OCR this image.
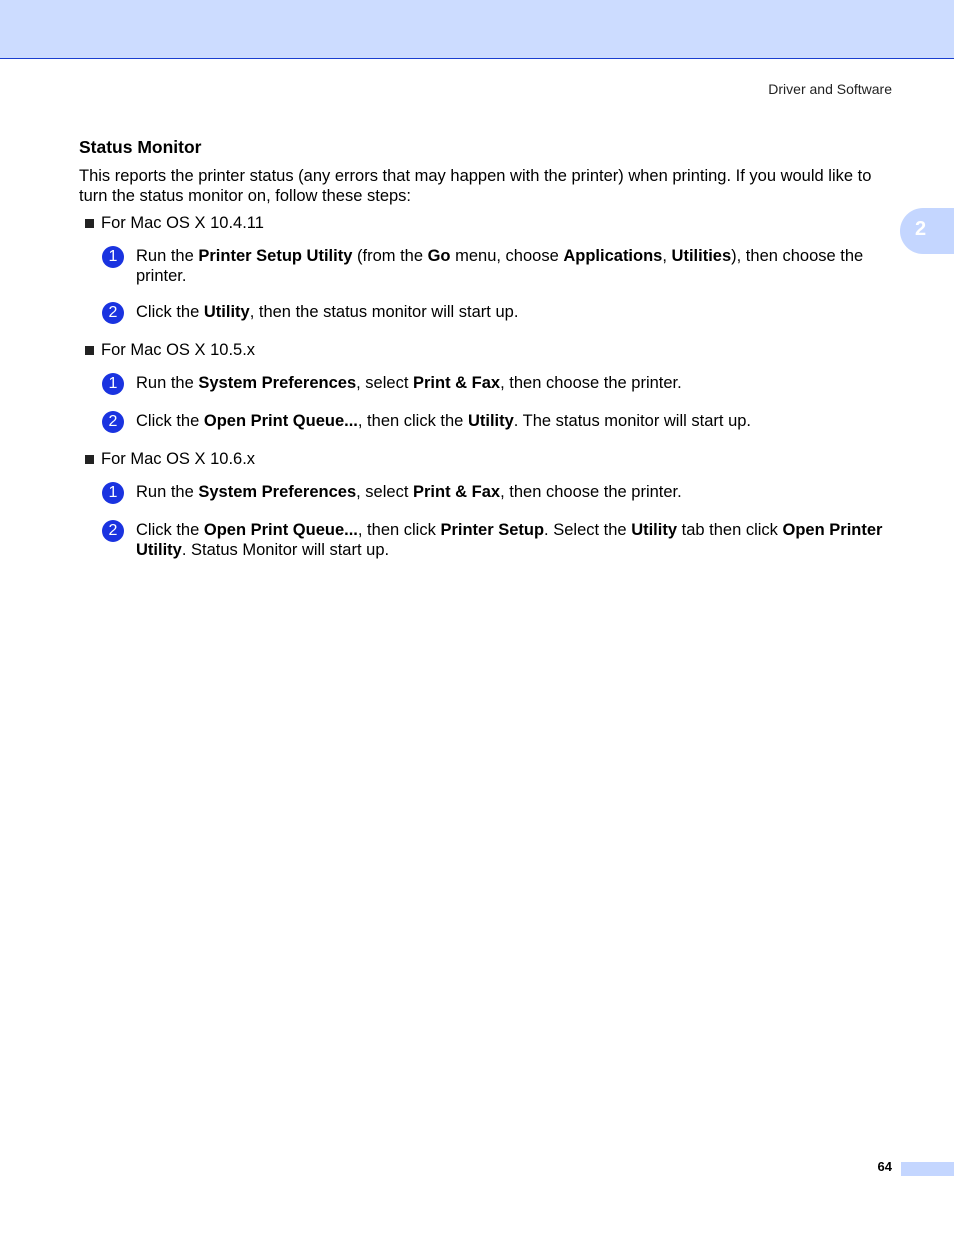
Driver and Software
2
Status Monitor
This reports the printer status (any errors that may happen with the printer) when printing. If you would like to turn the status monitor on, follow these steps:
For Mac OS X 10.4.11
1	Run the Printer Setup Utility (from the Go menu, choose Applications, Utilities), then choose the printer.
2	Click the Utility, then the status monitor will start up.
For Mac OS X 10.5.x
1	Run the System Preferences, select Print & Fax, then choose the printer.
2	Click the Open Print Queue..., then click the Utility. The status monitor will start up.
For Mac OS X 10.6.x
1	Run the System Preferences, select Print & Fax, then choose the printer.
2	Click the Open Print Queue..., then click Printer Setup. Select the Utility tab then click Open Printer Utility. Status Monitor will start up.
64
